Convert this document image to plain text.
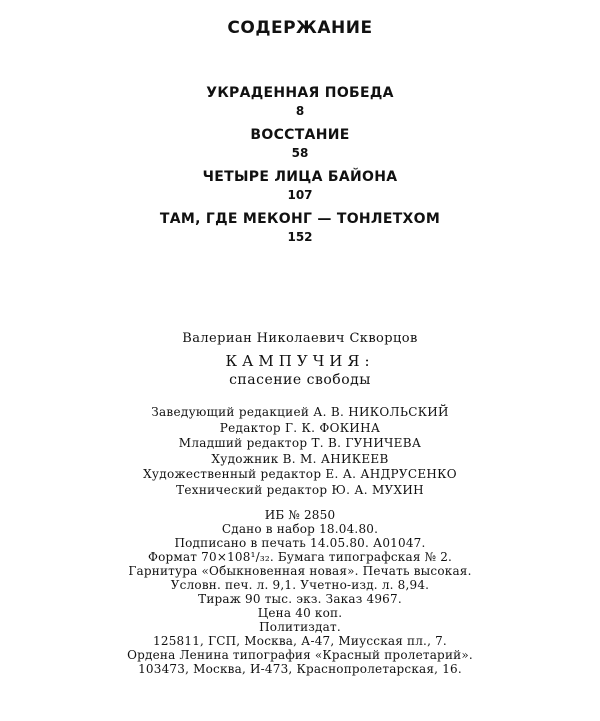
СОДЕРЖАНИЕ
УКРАДЕННАЯ ПОБЕДА
8
ВОССТАНИЕ
58
ЧЕТЫРЕ ЛИЦА БАЙОНА
107
ТАМ, ГДЕ МЕКОНГ — ТОНЛЕТХОМ
152
Валериан Николаевич Скворцов
КАМПУЧИЯ:
спасение свободы
Заведующий редакцией А. В. НИКОЛЬСКИЙ
Редактор Г. К. ФОКИНА
Младший редактор Т. В. ГУНИЧЕВА
Художник В. М. АНИКЕЕВ
Художественный редактор Е. А. АНДРУСЕНКО
Технический редактор Ю. А. МУХИН
ИБ № 2850
Сдано в набор 18.04.80.
Подписано в печать 14.05.80. А01047.
Формат 70×108¹/₃₂. Бумага типографская № 2.
Гарнитура «Обыкновенная новая». Печать высокая.
Условн. печ. л. 9,1. Учетно-изд. л. 8,94.
Тираж 90 тыс. экз. Заказ 4967.
Цена 40 коп.
Политиздат.
125811, ГСП, Москва, А-47, Миусская пл., 7.
Ордена Ленина типография «Красный пролетарий».
103473, Москва, И-473, Краснопролетарская, 16.
